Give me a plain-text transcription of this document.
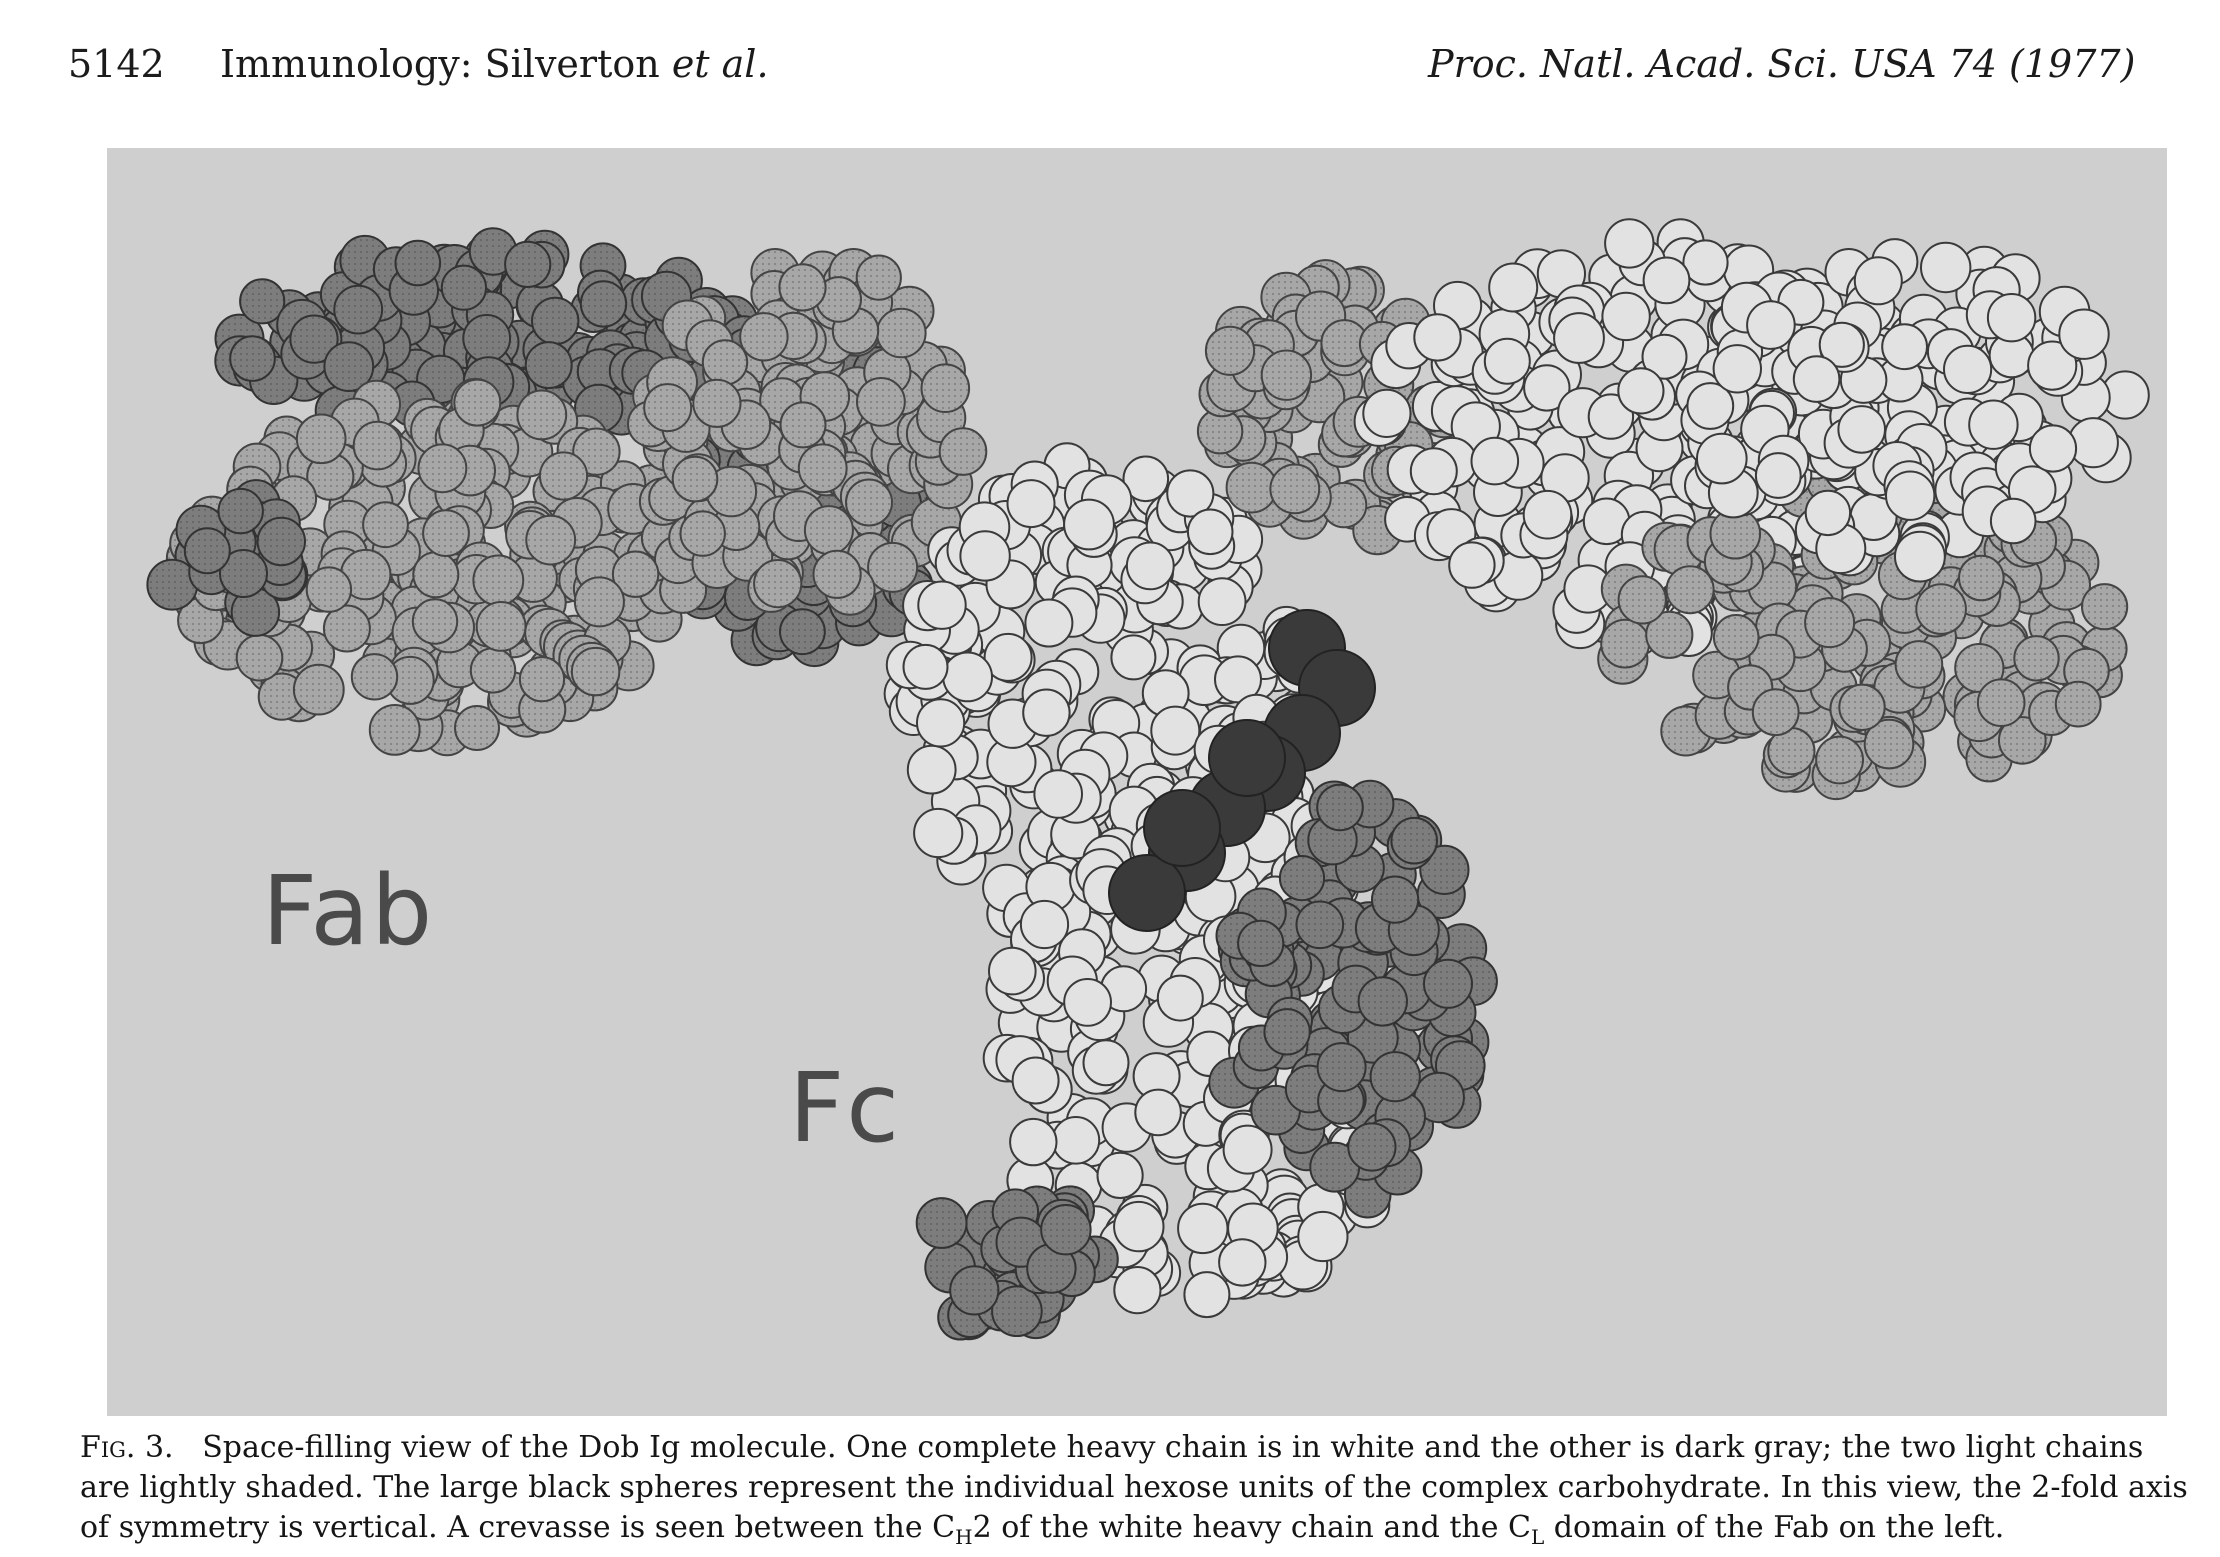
5142 Immunology: Silverton et al.	Proc. Natl. Acad. Sci. USA 74 (1977)
Fab
Fc
Fig. 3. Space-filling view of the Dob Ig molecule. One complete heavy chain is in white and the other is dark gray; the two light chains are lightly shaded. The large black spheres represent the individual hexose units of the complex carbohydrate. In this view, the 2-fold axis of symmetry is vertical. A crevasse is seen between the $C_H2$ of the white heavy chain and the $C_L$ domain of the Fab on the left.
